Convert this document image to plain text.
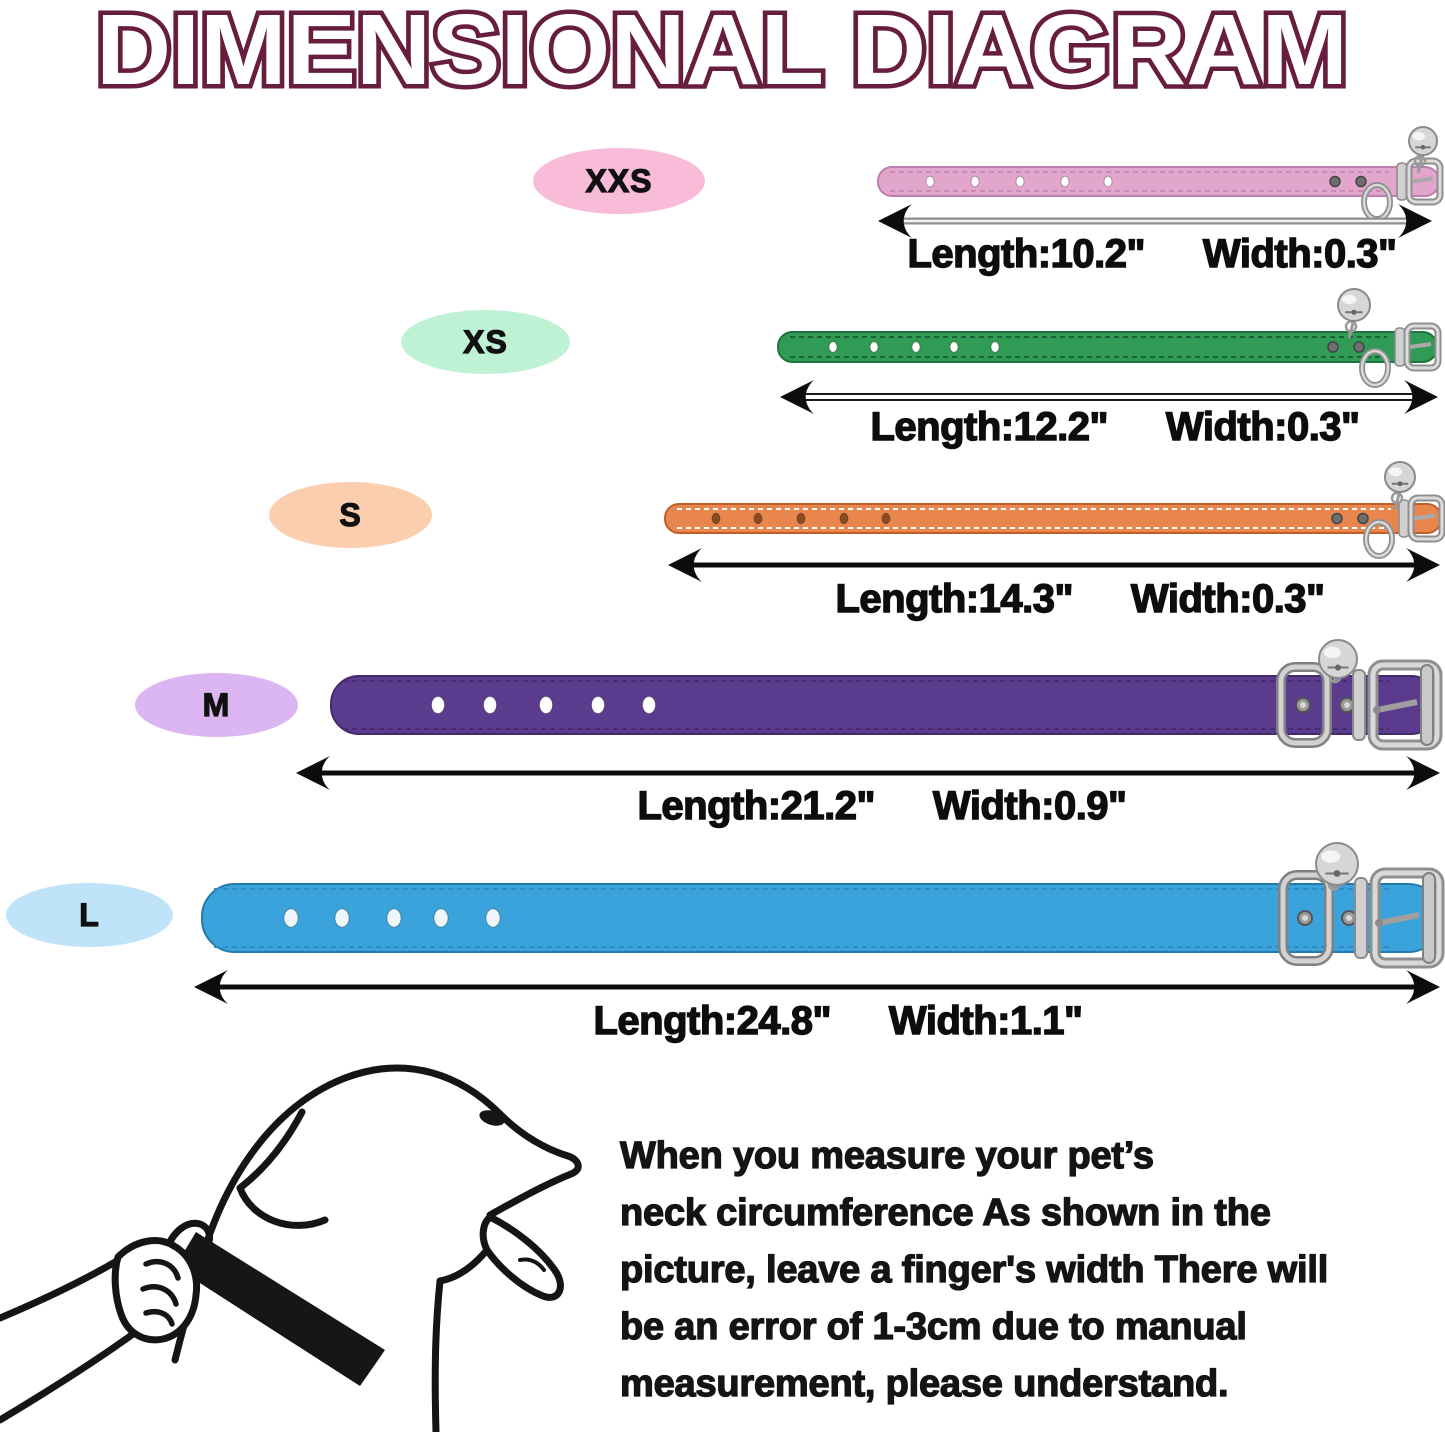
DIMENSIONAL DIAGRAM
XXS
XS
S
M
L
Length:10.2" Width:0.3"
Length:12.2" Width:0.3"
Length:14.3" Width:0.3"
Length:21.2" Width:0.9"
Length:24.8" Width:1.1"
When you measure your pet’s
neck circumference As shown in the
picture, leave a finger's width There will
be an error of 1-3cm due to manual
measurement, please understand.
